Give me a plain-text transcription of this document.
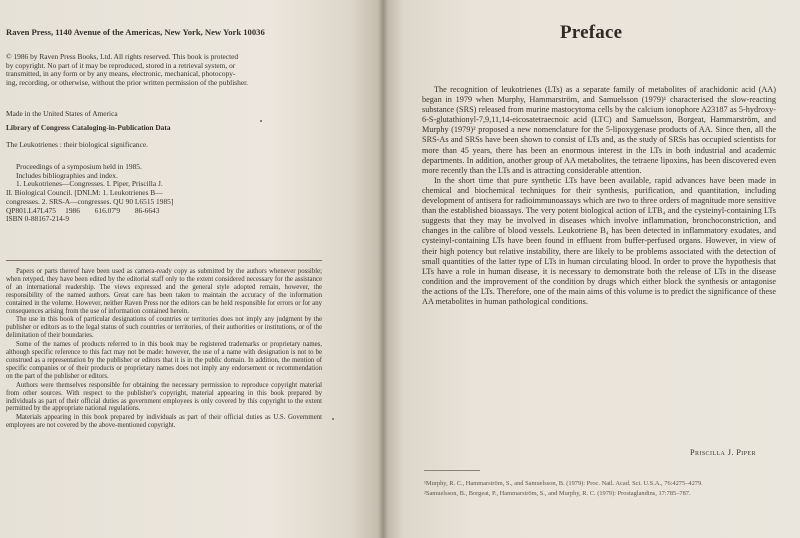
Raven Press, 1140 Avenue of the Americas, New York, New York 10036

© 1986 by Raven Press Books, Ltd. All rights reserved. This book is protected

by copyright. No part of it may be reproduced, stored in a retrieval system, or

transmitted, in any form or by any means, electronic, mechanical, photocopy-

ing, recording, or otherwise, without the prior written permission of the publisher.

Made in the United States of America
Library of Congress Cataloging-in-Publication Data
The Leukotrienes : their biological significance.

Proceedings of a symposium held in 1985.

Includes bibliographies and index.

1. Leukotrienes—Congresses. I. Piper, Priscilla J.

II. Biological Council. [DNLM: 1. Leukotrienes B—

congresses. 2. SRS-A—congresses. QU 90 L6515 1985]

QP801.L47L475     1986        616.07'9        86-6643

ISBN 0-88167-214-9

Papers or parts thereof have been used as camera-ready copy as submitted by the authors whenever possible; when retyped, they have been edited by the editorial staff only to the extent considered necessary for the assistance of an international readership. The views expressed and the general style adopted remain, however, the responsibility of the named authors. Great care has been taken to maintain the accuracy of the information contained in the volume. However, neither Raven Press nor the editors can be held responsible for errors or for any consequences arising from the use of information contained herein.

The use in this book of particular designations of countries or territories does not imply any judgment by the publisher or editors as to the legal status of such countries or territories, of their authorities or institutions, or of the delimitation of their boundaries.

Some of the names of products referred to in this book may be registered trademarks or proprietary names, although specific reference to this fact may not be made: however, the use of a name with designation is not to be construed as a representation by the publisher or editors that it is in the public domain. In addition, the mention of specific companies or of their products or proprietary names does not imply any endorsement or recommendation on the part of the publisher or editors.

Authors were themselves responsible for obtaining the necessary permission to reproduce copyright material from other sources. With respect to the publisher's copyright, material appearing in this book prepared by individuals as part of their official duties as government employees is only covered by this copyright to the extent permitted by the appropriate national regulations.

Materials appearing in this book prepared by individuals as part of their official duties as U.S. Government employees are not covered by the above-mentioned copyright.

Preface

The recognition of leukotrienes (LTs) as a separate family of metabolites of arachidonic acid (AA) began in 1979 when Murphy, Hammarström, and Samuelsson (1979)¹ characterised the slow-reacting substance (SRS) released from murine mastocytoma cells by the calcium ionophore A23187 as 5-hydroxy-6-S-glutathionyl-7,9,11,14-eicosatetraecnoic acid (LTC) and Samuelsson, Borgeat, Hammarström, and Murphy (1979)² proposed a new nomenclature for the 5-lipoxygenase products of AA. Since then, all the SRS-As and SRSs have been shown to consist of LTs and, as the study of SRSs has occupied scientists for more than 45 years, there has been an enormous interest in the LTs in both industrial and academic departments. In addition, another group of AA metabolites, the tetraene lipoxins, has been discovered even more recently than the LTs and is attracting considerable attention.

In the short time that pure synthetic LTs have been available, rapid advances have been made in chemical and biochemical techniques for their synthesis, purification, and quantitation, including development of antisera for radioimmunoassays which are two to three orders of magnitude more sensitive than the established bioassays. The very potent biological action of LTB₄ and the cysteinyl-containing LTs suggests that they may be involved in diseases which involve inflammation, bronchoconstriction, and changes in the calibre of blood vessels. Leukotriene B₄ has been detected in inflammatory exudates, and cysteinyl-containing LTs have been found in effluent from buffer-perfused organs. However, in view of their high potency but relative instability, there are likely to be problems associated with the detection of small quantities of the latter type of LTs in human circulating blood. In order to prove the hypothesis that LTs have a role in human disease, it is necessary to demonstrate both the release of LTs in the disease condition and the improvement of the condition by drugs which either block the synthesis or antagonise the actions of the LTs. Therefore, one of the main aims of this volume is to predict the significance of these AA metabolites in human pathological conditions.

Priscilla J. Piper

¹Murphy, R. C., Hammarström, S., and Samuelsson, B. (1979): Proc. Natl. Acad. Sci. U.S.A., 76:4275–4279.

²Samuelsson, B., Borgeat, P., Hammarström, S., and Murphy, R. C. (1979): Prostaglandins, 17:785–787.
